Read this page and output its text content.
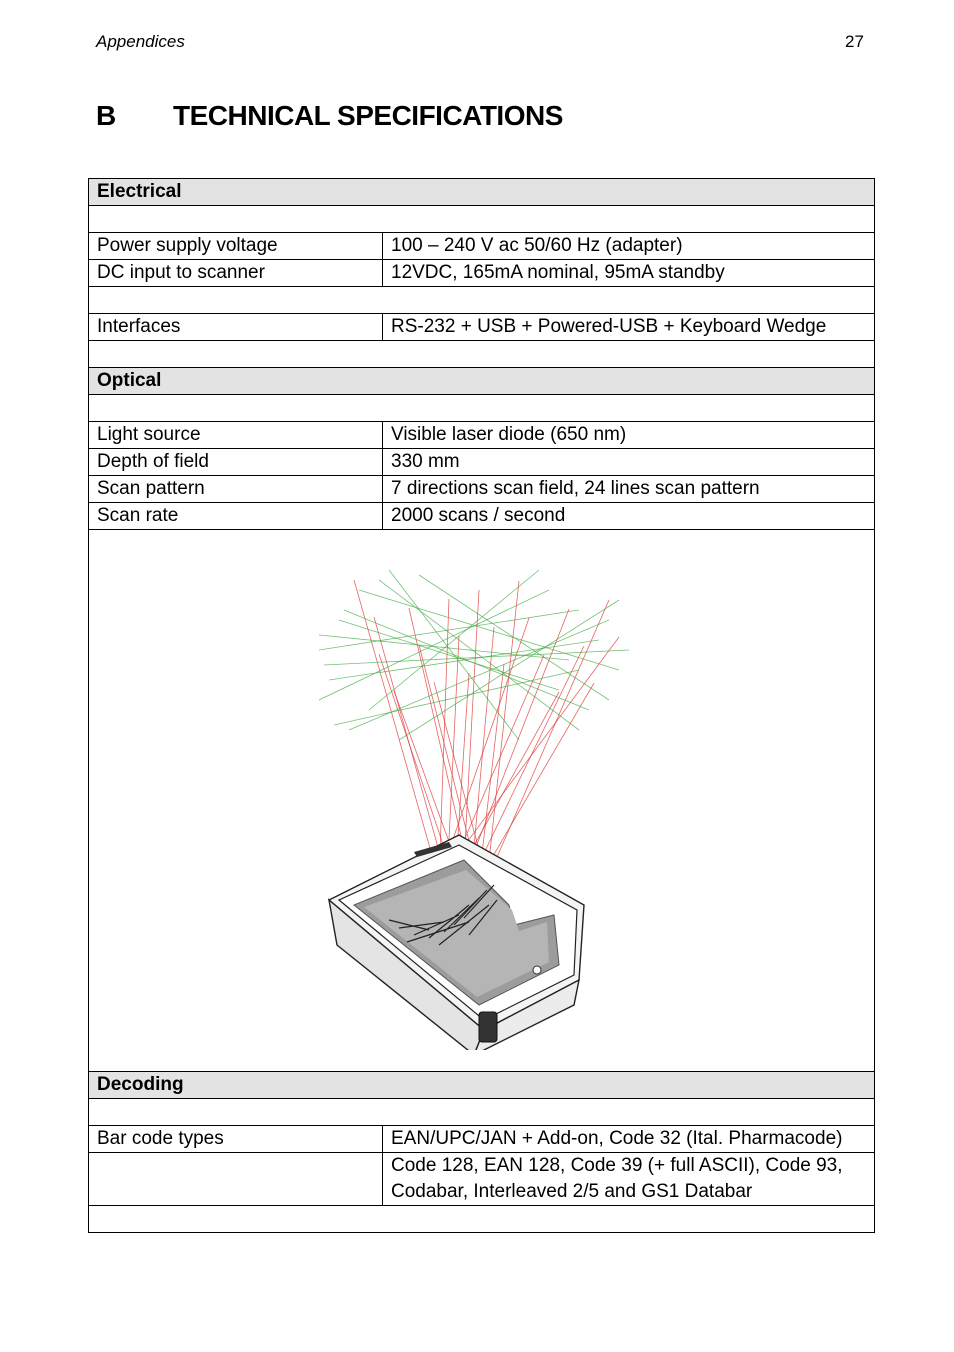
Appendices	27
B TECHNICAL SPECIFICATIONS
Electrical	

Power supply voltage	100 – 240 V ac 50/60 Hz (adapter)
DC input to scanner	12VDC, 165mA nominal, 95mA standby

Interfaces	RS-232 + USB + Powered-USB + Keyboard Wedge

Optical	

Light source	Visible laser diode (650 nm)
Depth of field	330 mm
Scan pattern	7 directions scan field, 24 lines scan pattern
Scan rate	2000 scans / second

Decoding	

Bar code types	EAN/UPC/JAN + Add-on, Code 32 (Ital. Pharmacode)
	Code 128, EAN 128, Code 39 (+ full ASCII), Code 93, Codabar, Interleaved 2/5 and GS1 Databar
